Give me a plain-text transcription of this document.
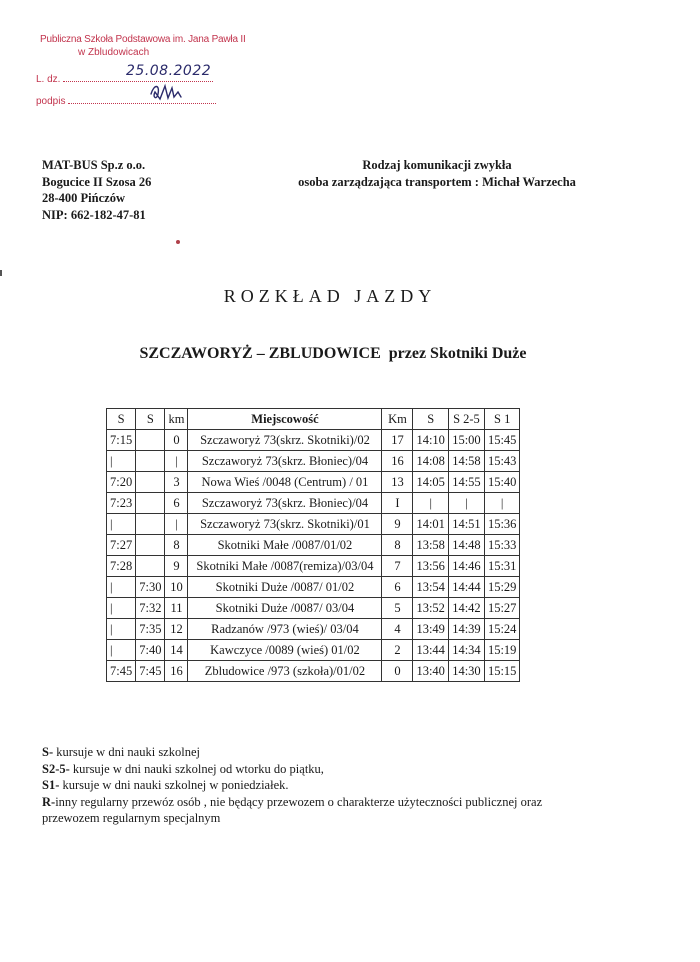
Publiczna Szkoła Podstawowa im. Jana Pawła II
w Zbludowicach
L. dz.
podpis
25.08.2022
MAT-BUS Sp.z o.o.
Bogucice II Szosa 26
28-400 Pińczów
NIP: 662-182-47-81
Rodzaj komunikacji zwykła
osoba zarządzająca transportem : Michał Warzecha
ROZKŁAD JAZDY
SZCZAWORYŻ – ZBLUDOWICE przez Skotniki Duże
S	S	km	Miejscowość	Km	S	S 2-5	S 1
7:15		0	Szczaworyż 73(skrz. Skotniki)/02	17	14:10	15:00	15:45
|		|	Szczaworyż 73(skrz. Błoniec)/04	16	14:08	14:58	15:43
7:20		3	Nowa Wieś /0048 (Centrum) / 01	13	14:05	14:55	15:40
7:23		6	Szczaworyż 73(skrz. Błoniec)/04	I	|	|	|
|		|	Szczaworyż 73(skrz. Skotniki)/01	9	14:01	14:51	15:36
7:27		8	Skotniki Małe /0087/01/02	8	13:58	14:48	15:33
7:28		9	Skotniki Małe /0087(remiza)/03/04	7	13:56	14:46	15:31
|	7:30	10	Skotniki Duże /0087/ 01/02	6	13:54	14:44	15:29
|	7:32	11	Skotniki Duże /0087/ 03/04	5	13:52	14:42	15:27
|	7:35	12	Radzanów /973 (wieś)/ 03/04	4	13:49	14:39	15:24
|	7:40	14	Kawczyce /0089 (wieś) 01/02	2	13:44	14:34	15:19
7:45	7:45	16	Zbludowice /973 (szkoła)/01/02	0	13:40	14:30	15:15

S- kursuje w dni nauki szkolnej

S2-5- kursuje w dni nauki szkolnej od wtorku do piątku,

S1- kursuje w dni nauki szkolnej w poniedziałek.

R-inny regularny przewóz osób , nie będący przewozem o charakterze użyteczności publicznej oraz przewozem regularnym specjalnym
